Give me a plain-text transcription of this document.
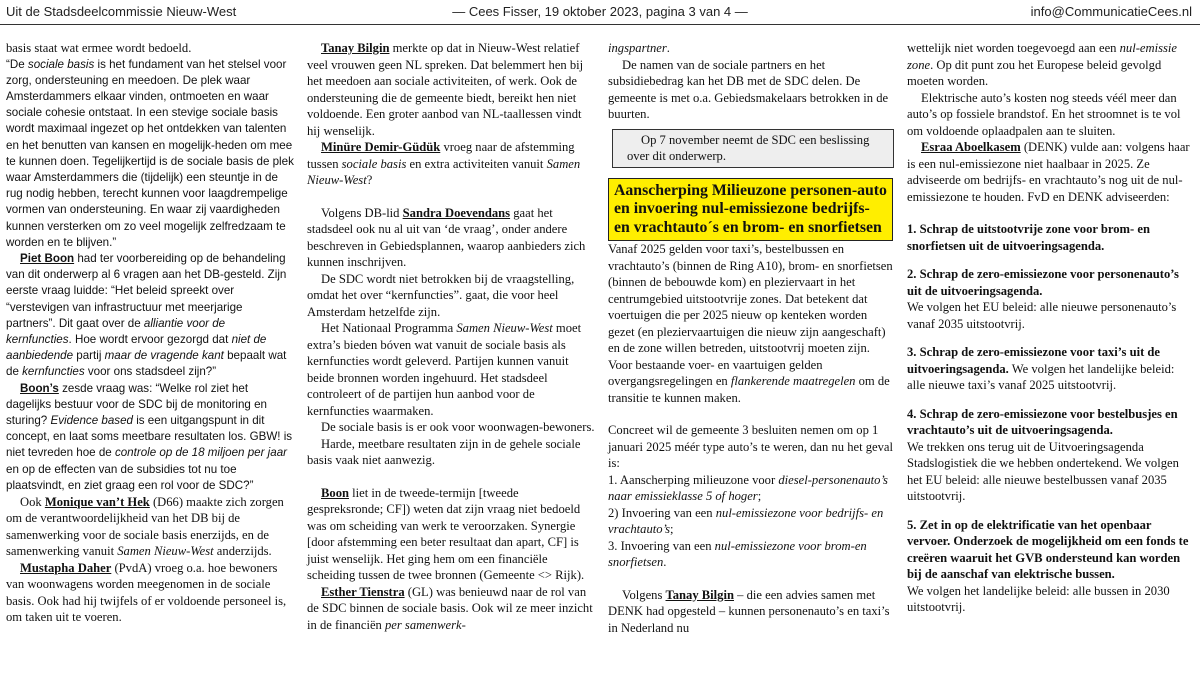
Uit de Stadsdeelcommissie Nieuw-West	— Cees Fisser, 19 oktober 2023, pagina 3 van 4 —	info@CommunicatieCees.nl

basis staat wat ermee wordt bedoeld.

“De sociale basis is het fundament van het stelsel voor zorg, ondersteuning en meedoen. De plek waar Amsterdammers elkaar vinden, ontmoeten en waar sociale cohesie ontstaat. In een stevige sociale basis wordt maximaal ingezet op het ontdekken van talenten en het benutten van kansen en mogelijk-heden om mee te kunnen doen. Tegelijkertijd is de sociale basis de plek waar Amsterdammers die (tijdelijk) een steuntje in de rug nodig hebben, terecht kunnen voor laagdrempelige vormen van ondersteuning. En waar zij vaardigheden kunnen versterken om zo veel mogelijk zelfredzaam te worden en te blijven.”

Piet Boon had ter voorbereiding op de behandeling van dit onderwerp al 6 vragen aan het DB-gesteld. Zijn eerste vraag luidde: “Het beleid spreekt over “verstevigen van infrastructuur met meerjarige partners”. Dit gaat over de alliantie voor de kernfuncties. Hoe wordt ervoor gezorgd dat niet de aanbiedende partij maar de vragende kant bepaalt wat de kernfuncties voor ons stadsdeel zijn?”

Boon’s zesde vraag was: “Welke rol ziet het dagelijks bestuur voor de SDC bij de monitoring en sturing? Evidence based is een uitgangspunt in dit concept, en laat soms meetbare resultaten los. GBW! is niet tevreden hoe de controle op de 18 miljoen per jaar en op de effecten van de subsidies tot nu toe plaatsvindt, en ziet graag een rol voor de SDC?”

Ook Monique van’t Hek (D66) maakte zich zorgen om de verantwoordelijkheid van het DB bij de samenwerking voor de sociale basis enerzijds, en de samenwerking vanuit Samen Nieuw-West anderzijds.

Mustapha Daher (PvdA) vroeg o.a. hoe bewoners van woonwagens worden meegenomen in de sociale basis. Ook had hij twijfels of er voldoende personeel is, om taken uit te voeren.

Tanay Bilgin merkte op dat in Nieuw-West relatief veel vrouwen geen NL spreken. Dat belemmert hen bij het meedoen aan sociale activiteiten, of werk. Ook de ondersteuning die de gemeente biedt, bereikt hen niet voldoende. Een groter aanbod van NL-taallessen vindt hij wenselijk.

Minüre Demir-Güdük vroeg naar de afstemming tussen sociale basis en extra activiteiten vanuit Samen Nieuw-West?

Volgens DB-lid Sandra Doevendans gaat het stadsdeel ook nu al uit van ‘de vraag’, onder andere beschreven in Gebiedsplannen, waarop aanbieders zich kunnen inschrijven.

De SDC wordt niet betrokken bij de vraagstelling, omdat het over “kernfuncties”. gaat, die voor heel Amsterdam hetzelfde zijn.

Het Nationaal Programma Samen Nieuw-West moet extra’s bieden bóven wat vanuit de sociale basis als kernfuncties wordt geleverd. Partijen kunnen vanuit beide bronnen worden ingehuurd. Het stadsdeel controleert of de partijen hun aanbod voor de kernfuncties waarmaken.

De sociale basis is er ook voor woonwagen-bewoners.

Harde, meetbare resultaten zijn in de gehele sociale basis vaak niet aanwezig.

Boon liet in de tweede-termijn [tweede gespreksronde; CF]) weten dat zijn vraag niet bedoeld was om scheiding van werk te veroorzaken. Synergie [door afstemming een beter resultaat dan apart, CF] is juist wenselijk. Het ging hem om een financiële scheiding tussen de twee bronnen (Gemeente <> Rijk).

Esther Tienstra (GL) was benieuwd naar de rol van de SDC binnen de sociale basis. Ook wil ze meer inzicht in de financiën per samenwerk-

ingspartner.

De namen van de sociale partners en het subsidiebedrag kan het DB met de SDC delen. De gemeente is met o.a. Gebiedsmakelaars betrokken in de buurten.

Op 7 november neemt de SDC een beslissing over dit onderwerp.

Aanscherping Milieuzone personen-auto en invoering nul-emissiezone bedrijfs- en vrachtauto´s en brom- en snorfietsen

Vanaf 2025 gelden voor taxi’s, bestelbussen en vrachtauto’s (binnen de Ring A10), brom- en snorfietsen (binnen de bebouwde kom) en pleziervaart in het centrumgebied uitstootvrije zones. Dat betekent dat voertuigen die per 2025 nieuw op kenteken worden gezet (en pleziervaartuigen die nieuw zijn aangeschaft) en de zone willen betreden, uitstootvrij moeten zijn. Voor bestaande voer- en vaartuigen gelden overgangsregelingen en flankerende maatregelen om de transitie te kunnen maken.

Concreet wil de gemeente 3 besluiten nemen om op 1 januari 2025 méér type auto’s te weren, dan nu het geval is:

1. Aanscherping milieuzone voor diesel-personenauto’s naar emissieklasse 5 of hoger;

2) Invoering van een nul-emissiezone voor bedrijfs- en vrachtauto’s;

3. Invoering van een nul-emissiezone voor brom-en snorfietsen.

Volgens Tanay Bilgin – die een advies samen met DENK had opgesteld – kunnen personenauto’s en taxi’s in Nederland nu

wettelijk niet worden toegevoegd aan een nul-emissie zone. Op dit punt zou het Europese beleid gevolgd moeten worden.

Elektrische auto’s kosten nog steeds véél meer dan auto’s op fossiele brandstof. En het stroomnet is te vol om voldoende oplaadpalen aan te sluiten.

Esraa Aboelkasem (DENK) vulde aan: volgens haar is een nul-emissiezone niet haalbaar in 2025. Ze adviseerde om bedrijfs- en vrachtauto’s nog uit de nul-emissiezone te houden. FvD en DENK adviseerden:

1. Schrap de uitstootvrije zone voor brom- en snorfietsen uit de uitvoeringsagenda.

2. Schrap de zero-emissiezone voor personenauto’s uit de uitvoeringsagenda.
We volgen het EU beleid: alle nieuwe personenauto’s vanaf 2035 uitstootvrij.

3. Schrap de zero-emissiezone voor taxi’s uit de uitvoeringsagenda. We volgen het landelijke beleid: alle nieuwe taxi’s vanaf 2025 uitstootvrij.

4. Schrap de zero-emissiezone voor bestelbusjes en vrachtauto’s uit de uitvoeringsagenda.
We trekken ons terug uit de Uitvoeringsagenda Stadslogistiek die we hebben ondertekend. We volgen het EU beleid: alle nieuwe bestelbussen vanaf 2035 uitstootvrij.

5. Zet in op de elektrificatie van het openbaar vervoer. Onderzoek de mogelijkheid om een fonds te creëren waaruit het GVB ondersteund kan worden bij de aanschaf van elektrische bussen.
We volgen het landelijke beleid: alle bussen in 2030 uitstootvrij.
